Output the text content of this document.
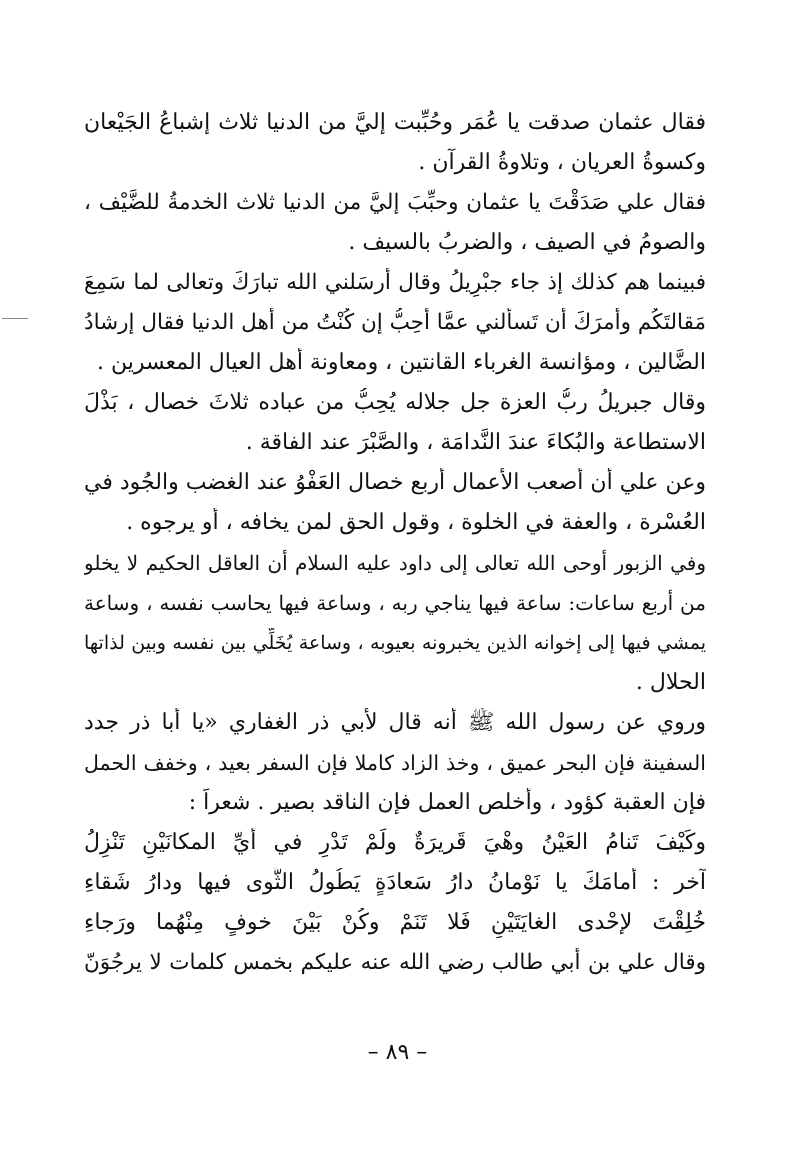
فقال عثمان صدقت يا عُمَر وحُبِّبت إليَّ من الدنيا ثلاث إشباعُ الجَيْعان
وكسوةُ العريان ، وتلاوةُ القرآن .
فقال علي صَدَقْتَ يا عثمان وحبِّبَ إليَّ من الدنيا ثلاث الخدمةُ للضَّيْف ،
والصومُ في الصيف ، والضربُ بالسيف .
فبينما هم كذلك إذ جاء جبْرِيلُ وقال أرسَلني الله تبارَكَ وتعالى لما سَمِعَ
مَقالتَكُم وأمرَكَ أن تَسألني عمَّا أُحِبُّ إن كُنْتُ من أهل الدنيا فقال إرشادُ
الضَّالين ، ومؤانسة الغرباء القانتين ، ومعاونة أهل العيال المعسرين .
وقال جبريلُ ربُّ العزة جل جلاله يُحِبُّ من عباده ثلاثَ خصال ، بَذْلَ
الاستطاعة والبُكاءَ عندَ النَّدامَة ، والصَّبْرَ عند الفاقة .
وعن علي أن أصعب الأعمال أربع خصال العَفْوُ عند الغضب والجُود في
العُسْرة ، والعفة في الخلوة ، وقول الحق لمن يخافه ، أو يرجوه .
وفي الزبور أوحى الله تعالى إلى داود عليه السلام أن العاقل الحكيم لا يخلو
من أربع ساعات: ساعة فيها يناجي ربه ، وساعة فيها يحاسب نفسه ، وساعة
يمشي فيها إلى إخوانه الذين يخبرونه بعيوبه ، وساعة يُخَلِّي بين نفسه وبين لذاتها
الحلال .
وروي عن رسول الله ﷺ أنه قال لأبي ذر الغفاري «يا أبا ذر جدد
السفينة فإن البحر عميق ، وخذ الزاد كاملا فإن السفر بعيد ، وخفف الحمل
فإن العقبة كؤود ، وأخلص العمل فإن الناقد بصير . شعراً :
وكَيْفَ تَنامُ العَيْنُ وهْيَ قَريرَةٌ ولَمْ تَدْرِ في أيِّ المكانَيْنِ تَنْزِلُ
آخر : أمامَكَ يا نَوْمانُ دارُ سَعادَةٍ يَطُولُ الثَّوى فيها ودارُ شَقاءِ
خُلِقْتَ لإحْدى الغايَتَيْنِ فَلا تَنَمْ وكُنْ بَيْنَ خوفٍ مِنْهُما ورَجاءِ
وقال علي بن أبي طالب رضي الله عنه عليكم بخمس كلمات لا يرجُوَنّ
– ٨٩ –
